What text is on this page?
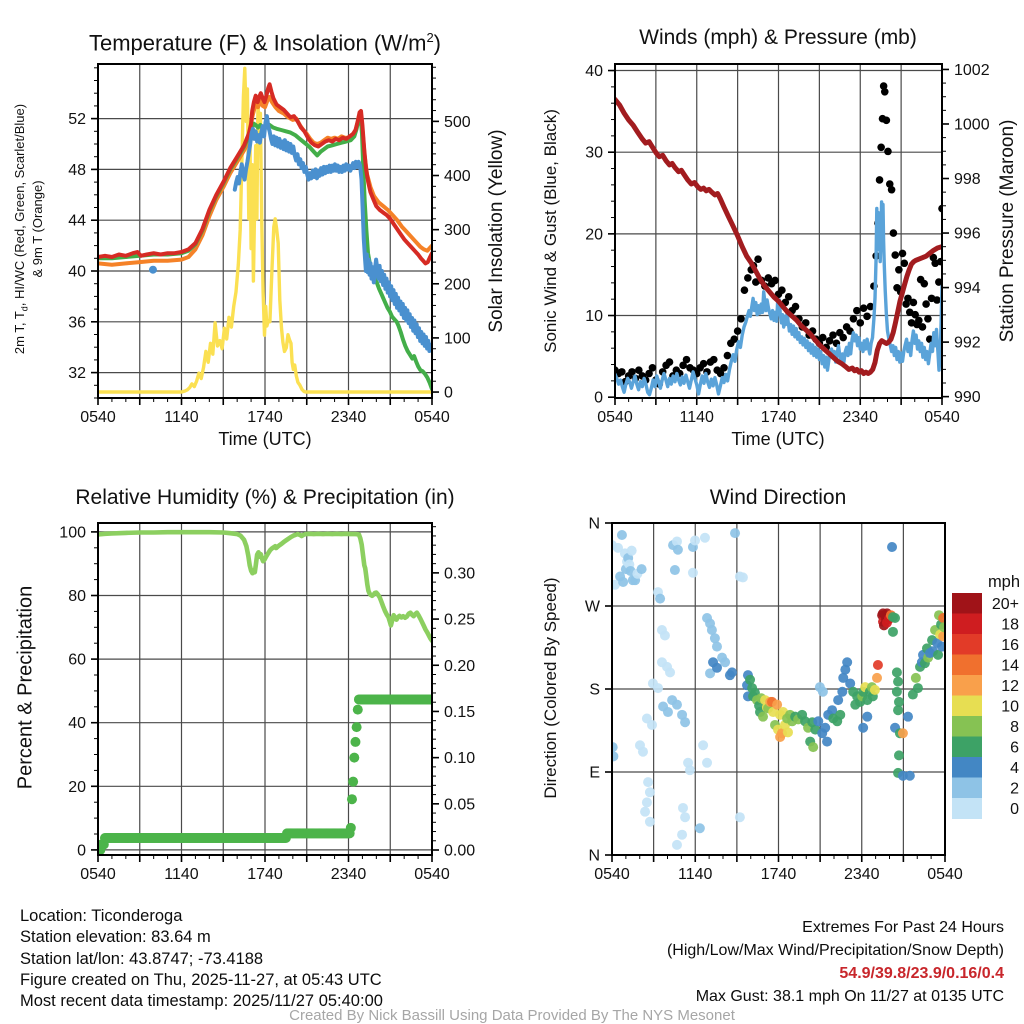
0540	1140	1740	2340	0540
32
36
40
44
48
52
0
100
200
300
400
500
0540	1140	1740	2340	0540
0
10
20
30
40
990
992
994
996
998
1000
1002
0540	1140	1740	2340	0540
0
20
40
60
80
100
0.00
0.05
0.10
0.15
0.20
0.25
0.30
0540	1140	1740	2340	0540
N
W
S
E
N
mph
20+
18
16
14
12
10
8
6
4
2
0
Temperature (F) & Insolation $(W/m^2)$	Winds (mph) & Pressure (mb)
Relative Humidity (%) & Precipitation (in)	Wind Direction
2m T, $T_d$, HI/WC (Red, Green, Scarlet/Blue) & 9m T (Orange)	Solar Insolation (Yellow) Sonic Wind & Gust (Blue, Black)	Station Pressure (Maroon)
Percent & Precipitation	Direction (Colored By Speed)
Time (UTC)	Time (UTC)
Location: Ticonderoga
Station elevation: 83.64 m
Station lat/lon: 43.8747; -73.4188
Figure created on Thu, 2025-11-27, at 05:43 UTC
Most recent data timestamp: 2025/11/27 05:40:00
Extremes For Past 24 Hours
(High/Low/Max Wind/Precipitation/Snow Depth)
54.9/39.8/23.9/0.16/0.4
Max Gust: 38.1 mph On 11/27 at 0135 UTC
Created By Nick Bassill Using Data Provided By The NYS Mesonet
